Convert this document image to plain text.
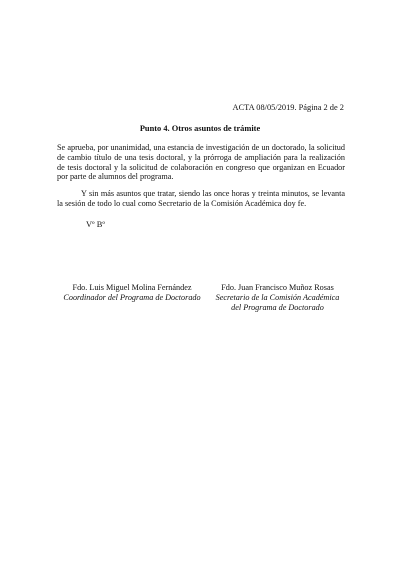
ACTA 08/05/2019. Página 2 de 2
Punto 4. Otros asuntos de trámite

Se aprueba, por unanimidad, una estancia de investigación de un doctorado, la solicitud de cambio título de una tesis doctoral, y la prórroga de ampliación para la realización de tesis doctoral y la solicitud de colaboración en congreso que organizan en Ecuador por parte de alumnos del programa.

Y sin más asuntos que tratar, siendo las once horas y treinta minutos, se levanta la sesión de todo lo cual como Secretario de la Comisión Académica doy fe.

Vº Bº
Fdo. Luis Miguel Molina Fernández
Coordinador del Programa de Doctorado
Fdo. Juan Francisco Muñoz Rosas
Secretario de la Comisión Académica
del Programa de Doctorado
